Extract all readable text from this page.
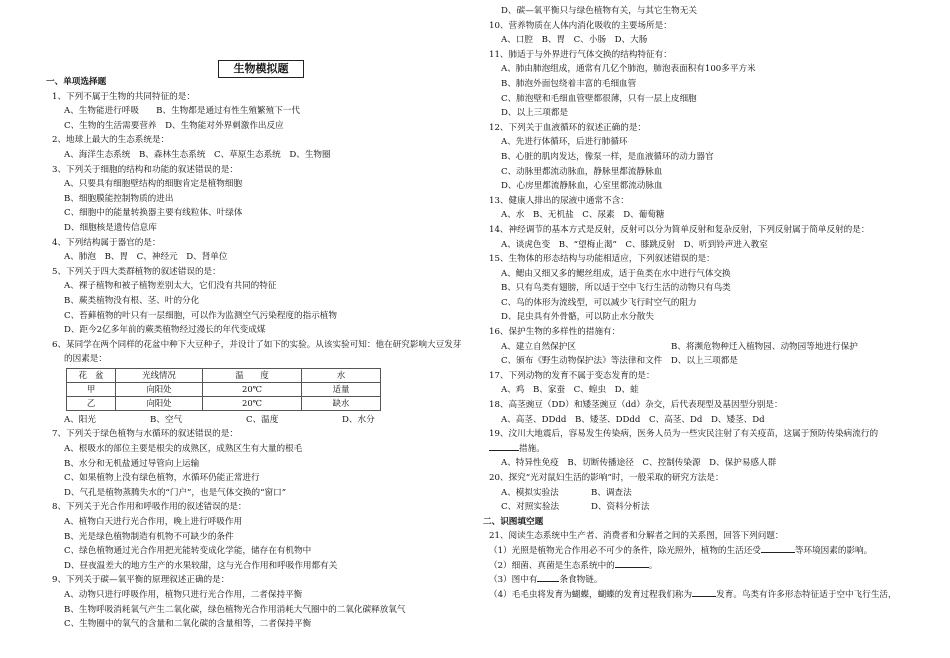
生物模拟题
一、单项选择题
1、下列不属于生物的共同特征的是：
A、生物能进行呼吸　　 B、生物都是通过有性生殖繁殖下一代
C、生物的生活需要营养　D、生物能对外界刺激作出反应
2、地球上最大的生态系统是：
A、海洋生态系统　B、森林生态系统　C、草原生态系统　D、生物圈
3、下列关于细胞的结构和功能的叙述错误的是：
A、只要具有细胞壁结构的细胞肯定是植物细胞
B、细胞膜能控制物质的进出
C、细胞中的能量转换器主要有线粒体、叶绿体
D、细胞核是遗传信息库
4、下列结构属于器官的是：
A、肺泡　B、胃　C、神经元　D、肾单位
5、下列关于四大类群植物的叙述错误的是：
A、裸子植物和被子植物差别太大，它们没有共同的特征
B、蕨类植物没有根、茎、叶的分化
C、苔藓植物的叶只有一层细胞，可以作为监测空气污染程度的指示植物
D、距今2亿多年前的蕨类植物经过漫长的年代变成煤
6、某同学在两个同样的花盆中种下大豆种子，并设计了如下的实验。从该实验可知：他在研究影响大豆发芽
的因素是：
花　盆	光线情况	温　　度	水
甲	向阳处	20℃	适量
乙	向阳处	20℃	缺水
A、阳光	B、空气	C、温度	D、水分
7、下列关于绿色植物与水循环的叙述错误的是：
A、根吸水的部位主要是根尖的成熟区，成熟区生有大量的根毛
B、水分和无机盐通过导管向上运输
C、如果植物上没有绿色植物，水循环仍能正常进行
D、气孔是植物蒸腾失水的“门户”，也是气体交换的“窗口”
8、下列关于光合作用和呼吸作用的叙述错误的是：
A、植物白天进行光合作用，晚上进行呼吸作用
B、光是绿色植物制造有机物不可缺少的条件
C、绿色植物通过光合作用把光能转变成化学能，储存在有机物中
D、昼夜温差大的地方生产的水果较甜，这与光合作用和呼吸作用都有关
9、下列关于碳—氧平衡的原理叙述正确的是：
A、动物只进行呼吸作用，植物只进行光合作用，二者保持平衡
B、生物呼吸消耗氧气产生二氧化碳，绿色植物光合作用消耗大气圈中的二氧化碳释放氧气
C、生物圈中的氧气的含量和二氧化碳的含量相等，二者保持平衡
D、碳—氧平衡只与绿色植物有关，与其它生物无关
10、营养物质在人体内消化吸收的主要场所是：
A、口腔　B、胃　C、小肠　D、大肠
11、肺适于与外界进行气体交换的结构特征有：
A、肺由肺泡组成，通常有几亿个肺泡，肺泡表面积有100多平方米
B、肺泡外面包绕着丰富的毛细血管
C、肺泡壁和毛细血管壁都很薄，只有一层上皮细胞
D、以上三项都是
12、下列关于血液循环的叙述正确的是：
A、先进行体循环，后进行肺循环
B、心脏的肌肉发达，像泵一样，是血液循环的动力器官
C、动脉里都流动脉血，静脉里都流静脉血
D、心房里都流静脉血，心室里都流动脉血
13、健康人排出的尿液中通常不含：
A、水　B、无机盐　C、尿素　D、葡萄糖
14、神经调节的基本方式是反射，反射可以分为简单反射和复杂反射，下列反射属于简单反射的是：
A、谈虎色变　B、“望梅止渴”　C、膝跳反射　D、听到铃声进入教室
15、生物体的形态结构与功能相适应，下列叙述错误的是：
A、鳃由又细又多的鳃丝组成，适于鱼类在水中进行气体交换
B、只有鸟类有翅膀，所以适于空中飞行生活的动物只有鸟类
C、鸟的体形为流线型，可以减少飞行时空气的阻力
D、昆虫具有外骨骼，可以防止水分散失
16、保护生物的多样性的措施有：
A、建立自然保护区	B、将濒危物种迁入植物园、动物园等地进行保护
C、颁布《野生动物保护法》等法律和文件　D、以上三项都是
17、下列动物的发育不属于变态发育的是：
A、鸡　B、家蚕　C、蝗虫　D、蛙
18、高茎豌豆（DD）和矮茎豌豆（dd）杂交，后代表现型及基因型分别是：
A、高茎、DDdd　B、矮茎、DDdd　C、高茎、Dd　D、矮茎、Dd
19、汶川大地震后，容易发生传染病，医务人员为一些灾民注射了有关疫苗，这属于预防传染病流行的
措施。
A、特异性免疫　B、切断传播途径　C、控制传染源　D、保护易感人群
20、探究“光对鼠妇生活的影响”时，一般采取的研究方法是：
A、模拟实验法	B、调查法
C、对照实验法	D、资料分析法
二、识图填空题
21、阅读生态系统中生产者、消费者和分解者之间的关系图，回答下列问题：
（1）光照是植物光合作用必不可少的条件，除光照外，植物的生活还受	等环境因素的影响。
（2）细菌、真菌是生态系统中的	。
（3）图中有	条食物链。
（4）毛毛虫将发育为蝴蝶，蝴蝶的发育过程我们称为	发育。鸟类有许多形态特征适于空中飞行生活，
